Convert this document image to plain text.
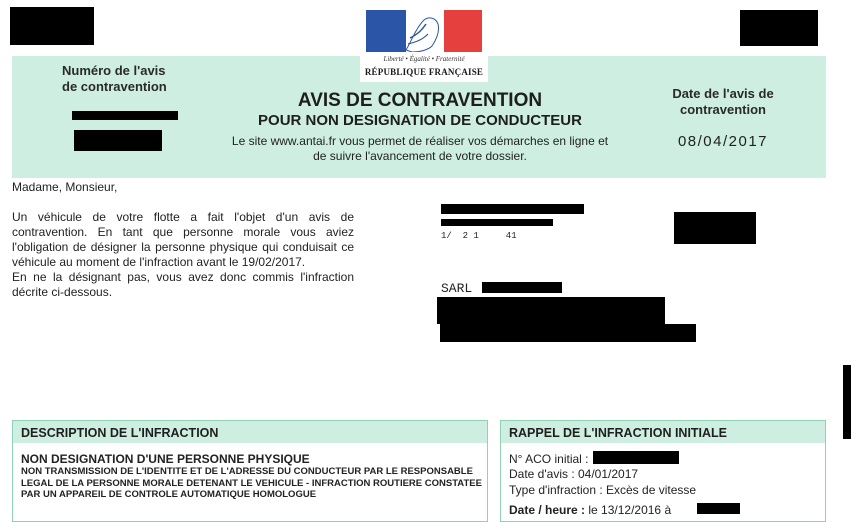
Liberté • Égalité • Fraternité
RÉPUBLIQUE FRANÇAISE
Numéro de l'avis
de contravention
AVIS DE CONTRAVENTION
POUR NON DESIGNATION DE CONDUCTEUR
Le site www.antai.fr vous permet de réaliser vos démarches en ligne et
de suivre l'avancement de votre dossier.
Date de l'avis de
contravention
08/04/2017
Madame, Monsieur,

Un véhicule de votre flotte a fait l'objet d'un avis de contravention. En tant que personne morale vous aviez l'obligation de désigner la personne physique qui conduisait ce véhicule au moment de l'infraction avant le 19/02/2017.

En ne la désignant pas, vous avez donc commis l'infraction décrite ci-dessous.

1/  2 1     41
SARL
DESCRIPTION DE L'INFRACTION
NON DESIGNATION D'UNE PERSONNE PHYSIQUE
NON TRANSMISSION DE L'IDENTITE ET DE L'ADRESSE DU CONDUCTEUR PAR LE RESPONSABLE LEGAL DE LA PERSONNE MORALE DETENANT LE VEHICULE - INFRACTION ROUTIERE CONSTATEE PAR UN APPAREIL DE CONTROLE AUTOMATIQUE HOMOLOGUE
RAPPEL DE L'INFRACTION INITIALE
N° ACO initial :
Date d'avis : 04/01/2017
Type d'infraction : Excès de vitesse
Date / heure : le 13/12/2016 à
